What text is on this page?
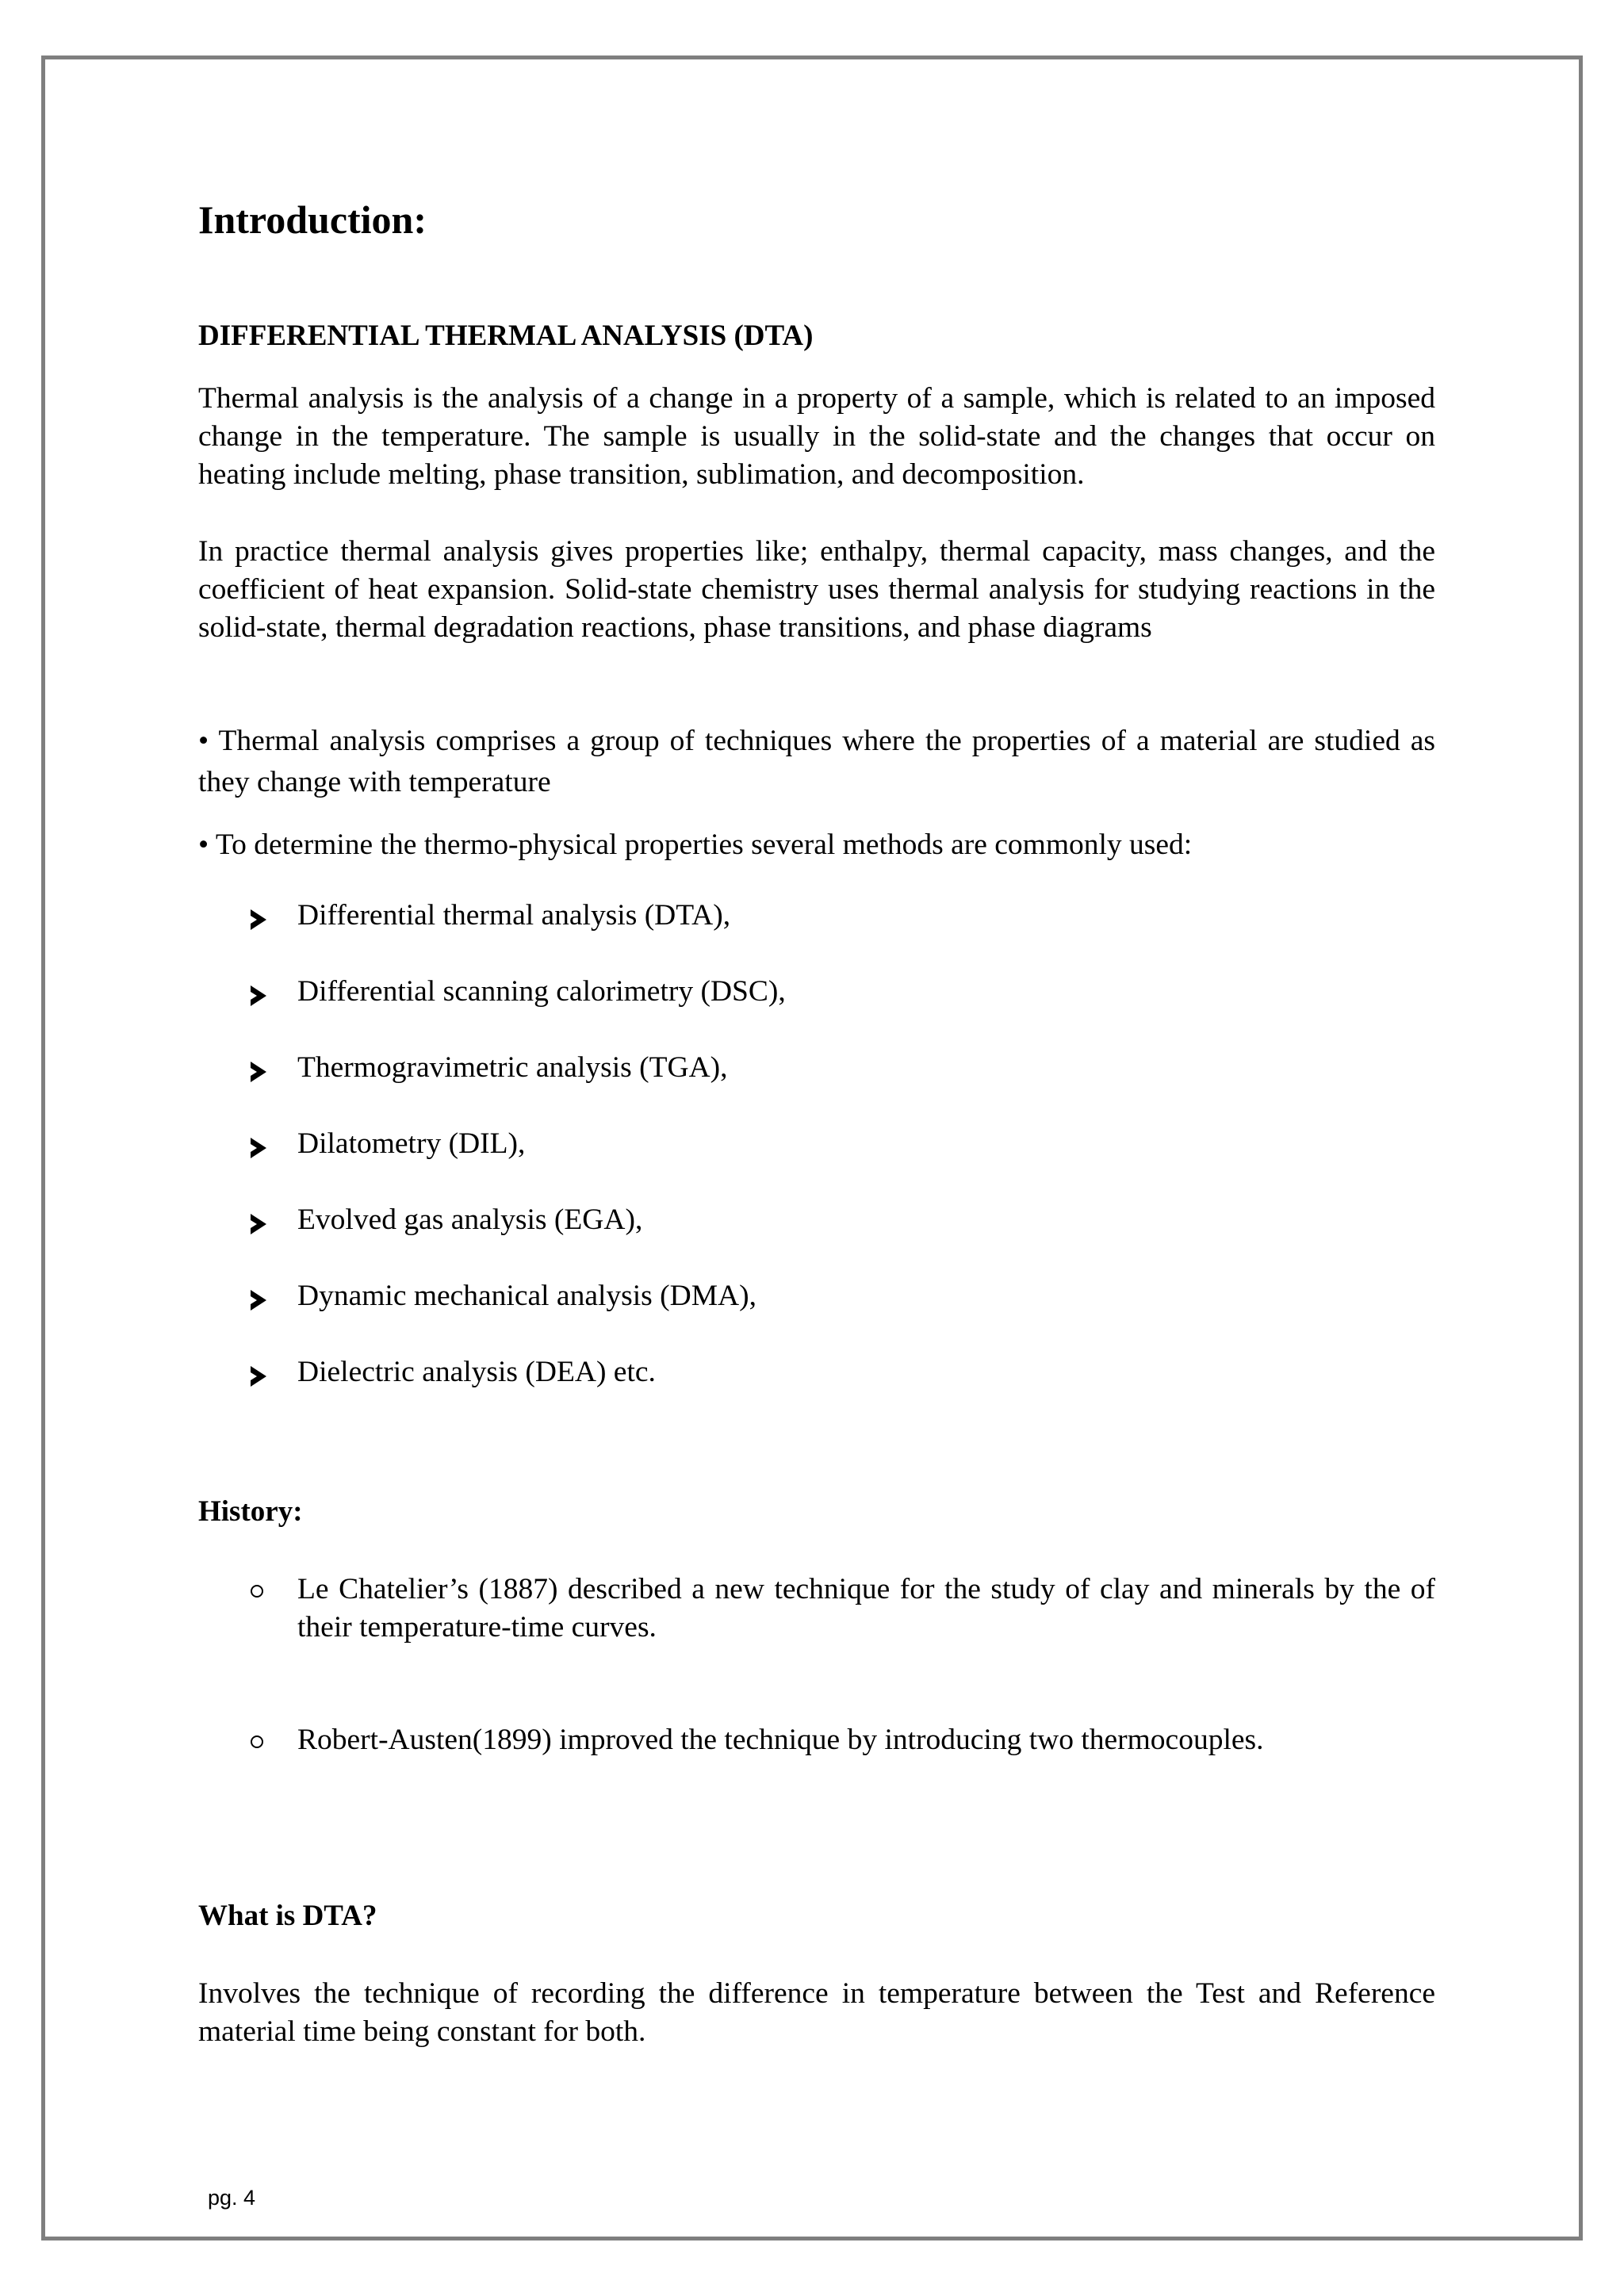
Introduction:
DIFFERENTIAL THERMAL ANALYSIS (DTA)

Thermal analysis is the analysis of a change in a property of a sample, which is related to an imposed change in the temperature. The sample is usually in the solid-state and the changes that occur on heating include melting, phase transition, sublimation, and decomposition.

In practice thermal analysis gives properties like; enthalpy, thermal capacity, mass changes, and the coefficient of heat expansion. Solid-state chemistry uses thermal analysis for studying reactions in the solid-state, thermal degradation reactions, phase transitions, and phase diagrams

• Thermal analysis comprises a group of techniques where the properties of a material are studied as they change with temperature

• To determine the thermo-physical properties several methods are commonly used:

Differential thermal analysis (DTA),
Differential scanning calorimetry (DSC),
Thermogravimetric analysis (TGA),
Dilatometry (DIL),
Evolved gas analysis (EGA),
Dynamic mechanical analysis (DMA),
Dielectric analysis (DEA) etc.
History:
Le Chatelier’s (1887) described a new technique for the study of clay and minerals by the of their temperature-time curves.
Robert-Austen(1899) improved the technique by introducing two thermocouples.
What is DTA?

Involves the technique of recording the difference in temperature between the Test and Reference material time being constant for both.

pg. 4
